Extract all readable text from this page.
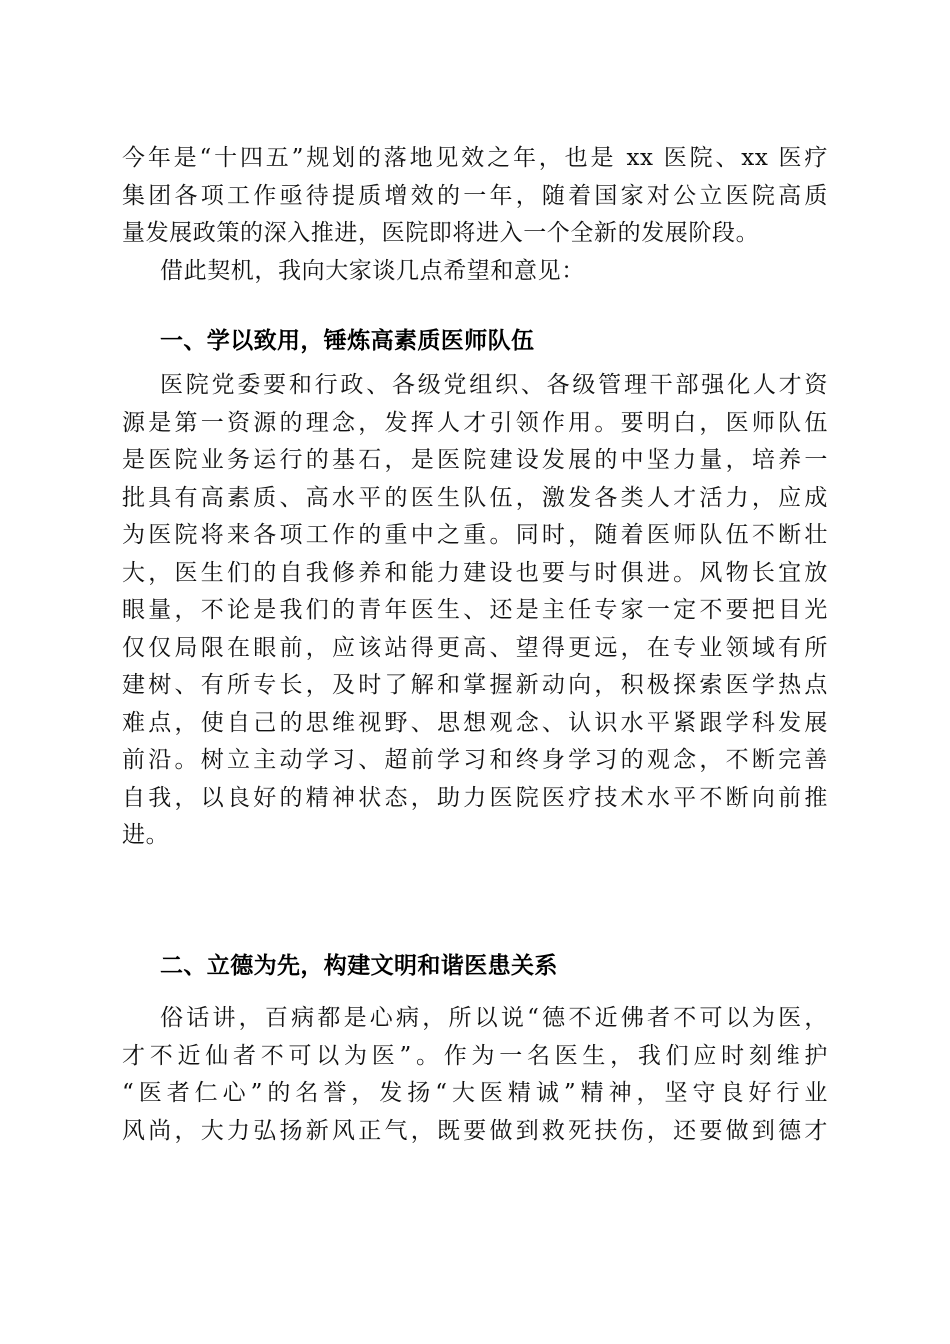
今年是“十四五”规划的落地见效之年，也是 xx 医院、xx 医疗
集团各项工作亟待提质增效的一年，随着国家对公立医院高质
量发展政策的深入推进，医院即将进入一个全新的发展阶段。
借此契机，我向大家谈几点希望和意见：
一、学以致用，锤炼高素质医师队伍
医院党委要和行政、各级党组织、各级管理干部强化人才资
源是第一资源的理念，发挥人才引领作用。要明白，医师队伍
是医院业务运行的基石，是医院建设发展的中坚力量，培养一
批具有高素质、高水平的医生队伍，激发各类人才活力，应成
为医院将来各项工作的重中之重。同时，随着医师队伍不断壮
大，医生们的自我修养和能力建设也要与时俱进。风物长宜放
眼量，不论是我们的青年医生、还是主任专家一定不要把目光
仅仅局限在眼前，应该站得更高、望得更远，在专业领域有所
建树、有所专长，及时了解和掌握新动向，积极探索医学热点
难点，使自己的思维视野、思想观念、认识水平紧跟学科发展
前沿。树立主动学习、超前学习和终身学习的观念，不断完善
自我，以良好的精神状态，助力医院医疗技术水平不断向前推
进。
二、立德为先，构建文明和谐医患关系
俗话讲，百病都是心病，所以说“德不近佛者不可以为医，
才不近仙者不可以为医”。作为一名医生，我们应时刻维护
“医者仁心”的名誉，发扬“大医精诚”精神，坚守良好行业
风尚，大力弘扬新风正气，既要做到救死扶伤，还要做到德才
